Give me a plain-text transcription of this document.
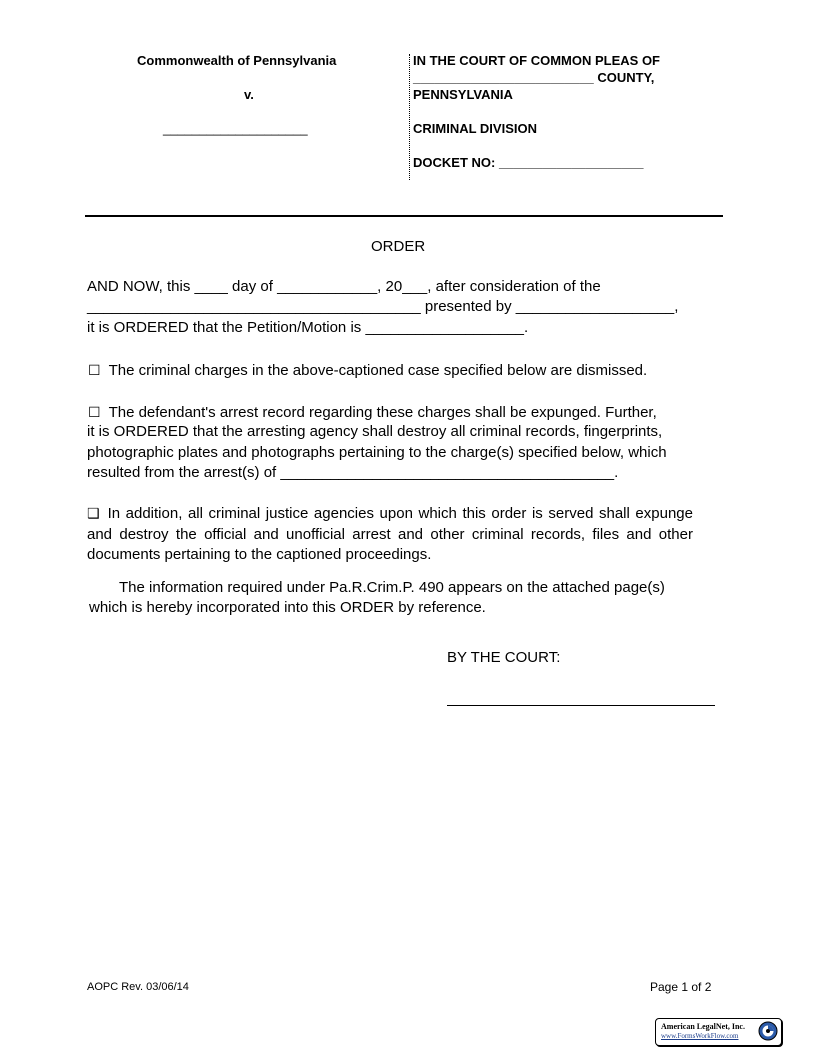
Commonwealth of Pennsylvania
v.
____________________
IN THE COURT OF COMMON PLEAS OF
_________________________ COUNTY,
PENNSYLVANIA
CRIMINAL DIVISION
DOCKET NO: ____________________
ORDER
AND NOW, this ____ day of ____________, 20___, after consideration of the
________________________________________ presented by ___________________,
it is ORDERED that the Petition/Motion is ___________________.
☐ The criminal charges in the above-captioned case specified below are dismissed.
☐ The defendant's arrest record regarding these charges shall be expunged. Further,
it is ORDERED that the arresting agency shall destroy all criminal records, fingerprints,
photographic plates and photographs pertaining to the charge(s) specified below, which
resulted from the arrest(s) of ________________________________________.
❑ In addition, all criminal justice agencies upon which this order is served shall expunge and destroy the official and unofficial arrest and other criminal records, files and other documents pertaining to the captioned proceedings.
The information required under Pa.R.Crim.P. 490 appears on the attached page(s)
which is hereby incorporated into this ORDER by reference.
BY THE COURT:
AOPC Rev. 03/06/14	Page 1 of 2
American LegalNet, Inc.
www.FormsWorkFlow.com
